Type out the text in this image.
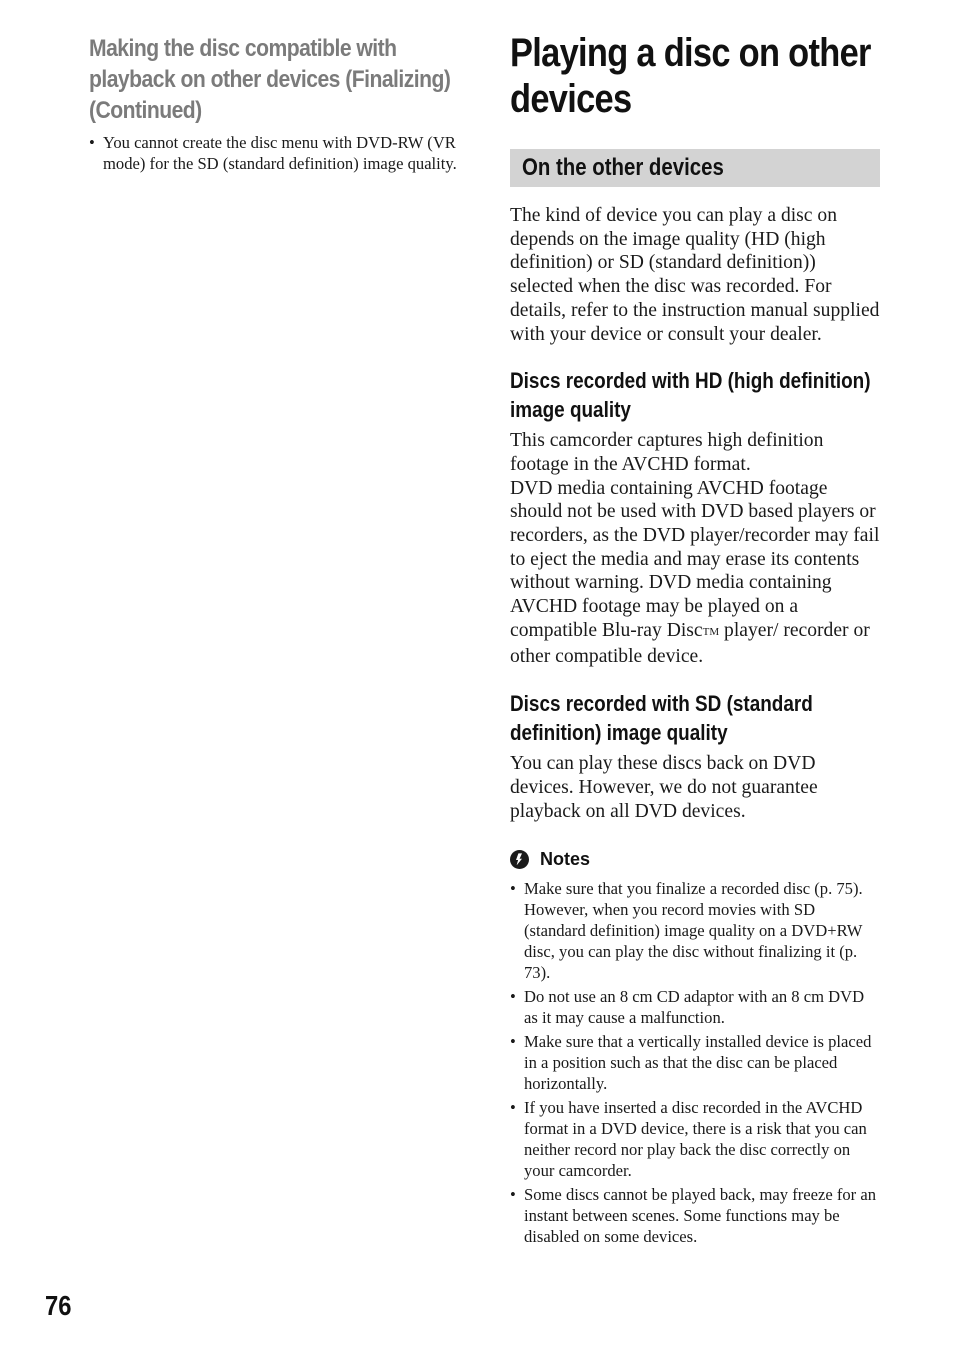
Making the disc compatible with playback on other devices (Finalizing) (Continued)
• You cannot create the disc menu with DVD-RW (VR mode) for the SD (standard definition) image quality.
Playing a disc on other devices
On the other devices

The kind of device you can play a disc on depends on the image quality (HD (high definition) or SD (standard definition)) selected when the disc was recorded. For details, refer to the instruction manual supplied with your device or consult your dealer.

Discs recorded with HD (high definition) image quality

This camcorder captures high definition footage in the AVCHD format.
DVD media containing AVCHD footage should not be used with DVD based players or recorders, as the DVD player/recorder may fail to eject the media and may erase its contents without warning. DVD media containing AVCHD footage may be played on a compatible Blu-ray DiscTM player/ recorder or other compatible device.

Discs recorded with SD (standard definition) image quality

You can play these discs back on DVD devices. However, we do not guarantee playback on all DVD devices.

Notes
• Make sure that you finalize a recorded disc (p. 75). However, when you record movies with SD (standard definition) image quality on a DVD+RW disc, you can play the disc without finalizing it (p. 73).
• Do not use an 8 cm CD adaptor with an 8 cm DVD as it may cause a malfunction.
• Make sure that a vertically installed device is placed in a position such as that the disc can be placed horizontally.
• If you have inserted a disc recorded in the AVCHD format in a DVD device, there is a risk that you can neither record nor play back the disc correctly on your camcorder.
• Some discs cannot be played back, may freeze for an instant between scenes. Some functions may be disabled on some devices.
76
